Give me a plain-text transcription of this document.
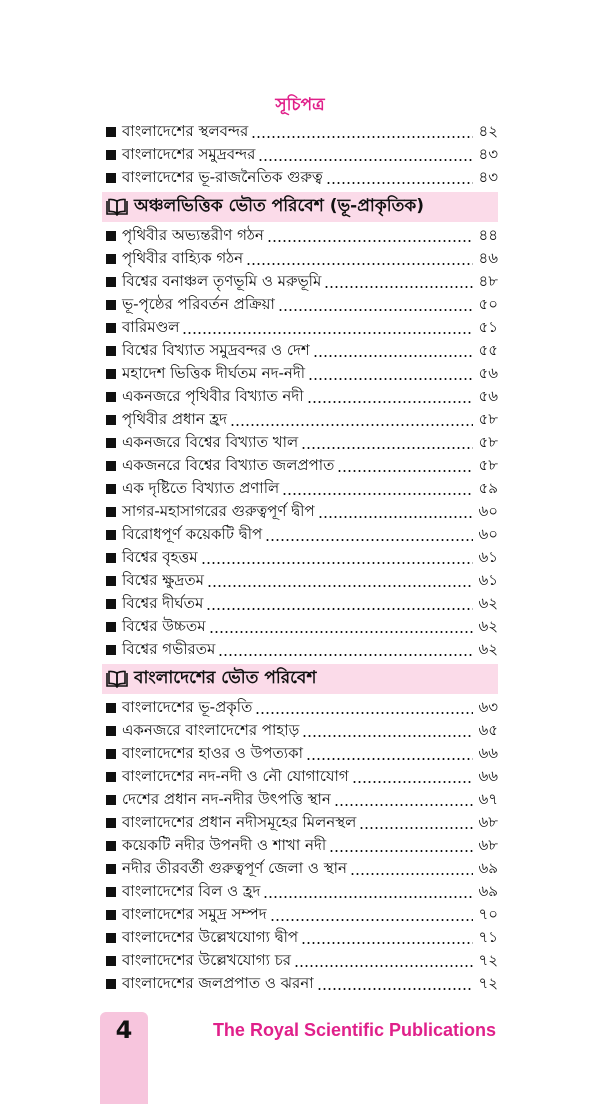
সূচিপত্র
বাংলাদেশের স্থলবন্দর	৪২
বাংলাদেশের সমুদ্রবন্দর	৪৩
বাংলাদেশের ভূ-রাজনৈতিক গুরুত্ব	৪৩
অঞ্চলভিত্তিক ভৌত পরিবেশ (ভূ-প্রাকৃতিক)
পৃথিবীর অভ্যন্তরীণ গঠন	৪৪
পৃথিবীর বাহ্যিক গঠন	৪৬
বিশ্বের বনাঞ্চল তৃণভূমি ও মরুভূমি	৪৮
ভূ-পৃষ্ঠের পরিবর্তন প্রক্রিয়া	৫০
বারিমণ্ডল	৫১
বিশ্বের বিখ্যাত সমুদ্রবন্দর ও দেশ	৫৫
মহাদেশ ভিত্তিক দীর্ঘতম নদ-নদী	৫৬
একনজরে পৃথিবীর বিখ্যাত নদী	৫৬
পৃথিবীর প্রধান হ্রদ	৫৮
একনজরে বিশ্বের বিখ্যাত খাল	৫৮
একজনরে বিশ্বের বিখ্যাত জলপ্রপাত	৫৮
এক দৃষ্টিতে বিখ্যাত প্রণালি	৫৯
সাগর-মহাসাগরের গুরুত্বপূর্ণ দ্বীপ	৬০
বিরোধপূর্ণ কয়েকটি দ্বীপ	৬০
বিশ্বের বৃহত্তম	৬১
বিশ্বের ক্ষুদ্রতম	৬১
বিশ্বের দীর্ঘতম	৬২
বিশ্বের উচ্চতম	৬২
বিশ্বের গভীরতম	৬২
বাংলাদেশের ভৌত পরিবেশ
বাংলাদেশের ভূ-প্রকৃতি	৬৩
একনজরে বাংলাদেশের পাহাড়	৬৫
বাংলাদেশের হাওর ও উপত্যকা	৬৬
বাংলাদেশের নদ-নদী ও নৌ যোগাযোগ	৬৬
দেশের প্রধান নদ-নদীর উৎপত্তি স্থান	৬৭
বাংলাদেশের প্রধান নদীসমূহের মিলনস্থল	৬৮
কয়েকটি নদীর উপনদী ও শাখা নদী	৬৮
নদীর তীরবর্তী গুরুত্বপূর্ণ জেলা ও স্থান	৬৯
বাংলাদেশের বিল ও হ্রদ	৬৯
বাংলাদেশের সমুদ্র সম্পদ	৭০
বাংলাদেশের উল্লেখযোগ্য দ্বীপ	৭১
বাংলাদেশের উল্লেখযোগ্য চর	৭২
বাংলাদেশের জলপ্রপাত ও ঝরনা	৭২
4	The Royal Scientific Publications
